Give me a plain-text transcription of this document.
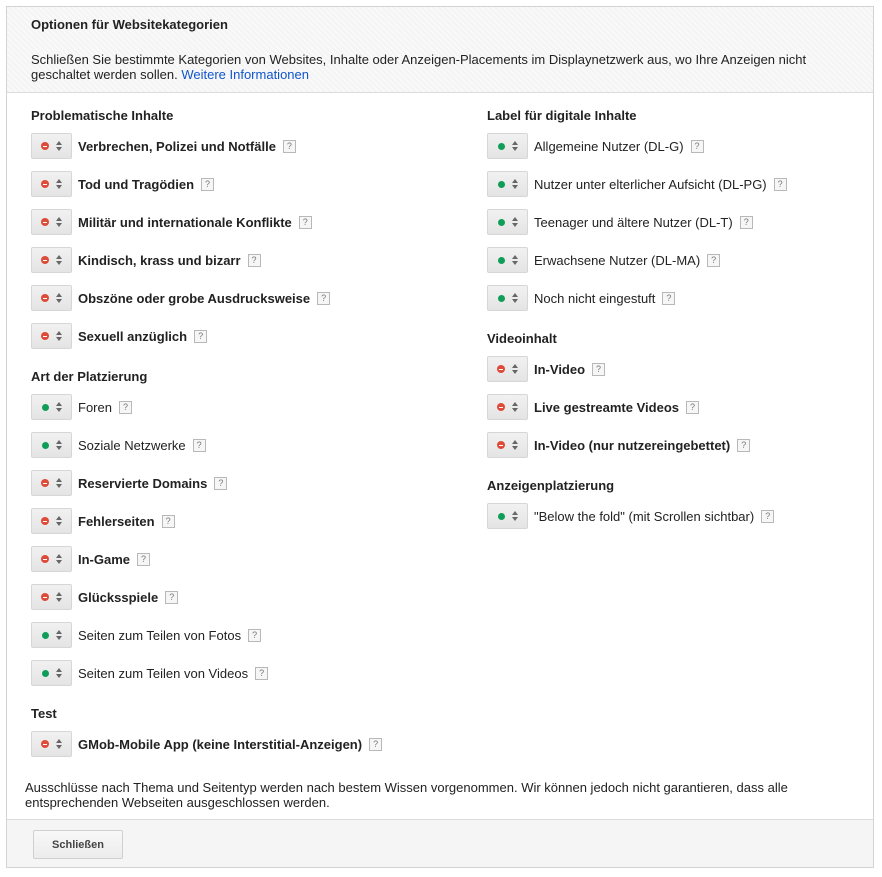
Optionen für Websitekategorien
Schließen Sie bestimmte Kategorien von Websites, Inhalte oder Anzeigen-Placements im Displaynetzwerk aus, wo Ihre Anzeigen nicht geschaltet werden sollen. Weitere Informationen
Problematische Inhalte
Verbrechen, Polizei und Notfälle	?
Tod und Tragödien	?
Militär und internationale Konflikte	?
Kindisch, krass und bizarr	?
Obszöne oder grobe Ausdrucksweise	?
Sexuell anzüglich	?
Art der Platzierung
Foren	?
Soziale Netzwerke	?
Reservierte Domains	?
Fehlerseiten	?
In-Game	?
Glücksspiele	?
Seiten zum Teilen von Fotos	?
Seiten zum Teilen von Videos	?
Test
GMob-Mobile App (keine Interstitial-Anzeigen)	?
Label für digitale Inhalte
Allgemeine Nutzer (DL-G)	?
Nutzer unter elterlicher Aufsicht (DL-PG)	?
Teenager und ältere Nutzer (DL-T)	?
Erwachsene Nutzer (DL-MA)	?
Noch nicht eingestuft	?
Videoinhalt
In-Video	?
Live gestreamte Videos	?
In-Video (nur nutzereingebettet)	?
Anzeigenplatzierung
"Below the fold" (mit Scrollen sichtbar)	?
Ausschlüsse nach Thema und Seitentyp werden nach bestem Wissen vorgenommen. Wir können jedoch nicht garantieren, dass alle entsprechenden Webseiten ausgeschlossen werden.
Schließen
